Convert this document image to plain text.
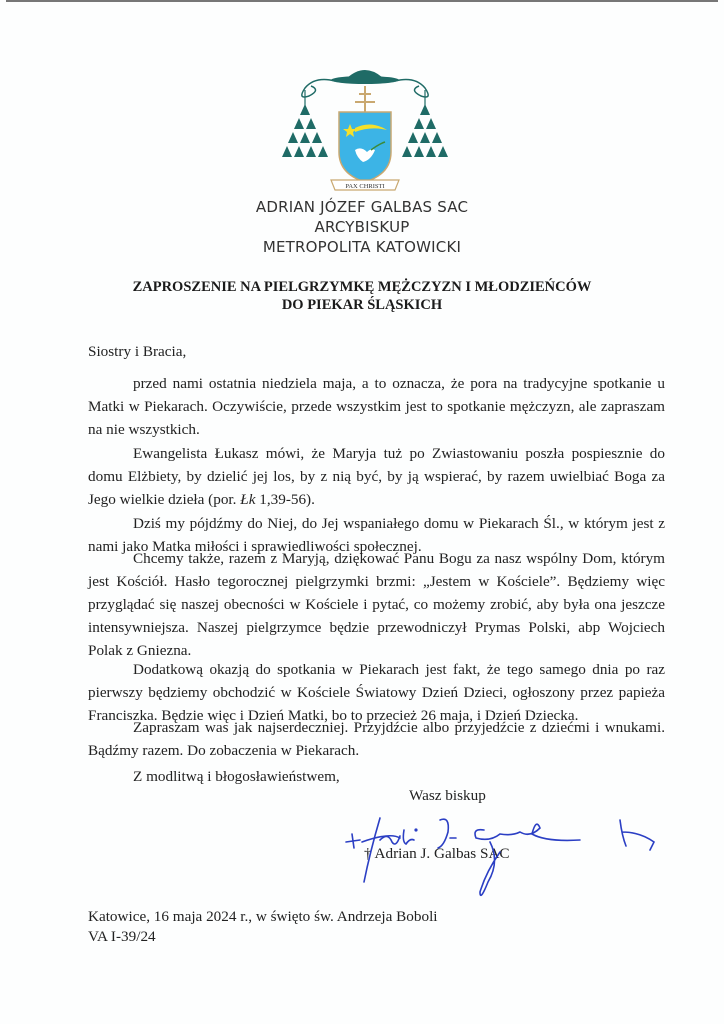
PAX CHRISTI
ADRIAN JÓZEF GALBAS SAC
ARCYBISKUP
METROPOLITA KATOWICKI
ZAPROSZENIE NA PIELGRZYMKĘ MĘŻCZYZN I MŁODZIEŃCÓW
DO PIEKAR ŚLĄSKICH
Siostry i Bracia,
przed nami ostatnia niedziela maja, a to oznacza, że pora na tradycyjne spotkanie u Matki w Piekarach. Oczywiście, przede wszystkim jest to spotkanie mężczyzn, ale zapraszam na nie wszystkich.
Ewangelista Łukasz mówi, że Maryja tuż po Zwiastowaniu poszła pospiesznie do domu Elżbiety, by dzielić jej los, by z nią być, by ją wspierać, by razem uwielbiać Boga za Jego wielkie dzieła (por. Łk 1,39-56).
Dziś my pójdźmy do Niej, do Jej wspaniałego domu w Piekarach Śl., w którym jest z nami jako Matka miłości i sprawiedliwości społecznej.
Chcemy także, razem z Maryją, dziękować Panu Bogu za nasz wspólny Dom, którym jest Kościół. Hasło tegorocznej pielgrzymki brzmi: „Jestem w Kościele”. Będziemy więc przyglądać się naszej obecności w Kościele i pytać, co możemy zrobić, aby była ona jeszcze intensywniejsza. Naszej pielgrzymce będzie przewodniczył Prymas Polski, abp Wojciech Polak z Gniezna.
Dodatkową okazją do spotkania w Piekarach jest fakt, że tego samego dnia po raz pierwszy będziemy obchodzić w Kościele Światowy Dzień Dzieci, ogłoszony przez papieża Franciszka. Będzie więc i Dzień Matki, bo to przecież 26 maja, i Dzień Dziecka.
Zapraszam was jak najserdeczniej. Przyjdźcie albo przyjedźcie z dziećmi i wnukami. Bądźmy razem. Do zobaczenia w Piekarach.
Z modlitwą i błogosławieństwem,
Wasz biskup
† Adrian J. Galbas SAC
Katowice, 16 maja 2024 r., w święto św. Andrzeja Boboli
VA I-39/24
